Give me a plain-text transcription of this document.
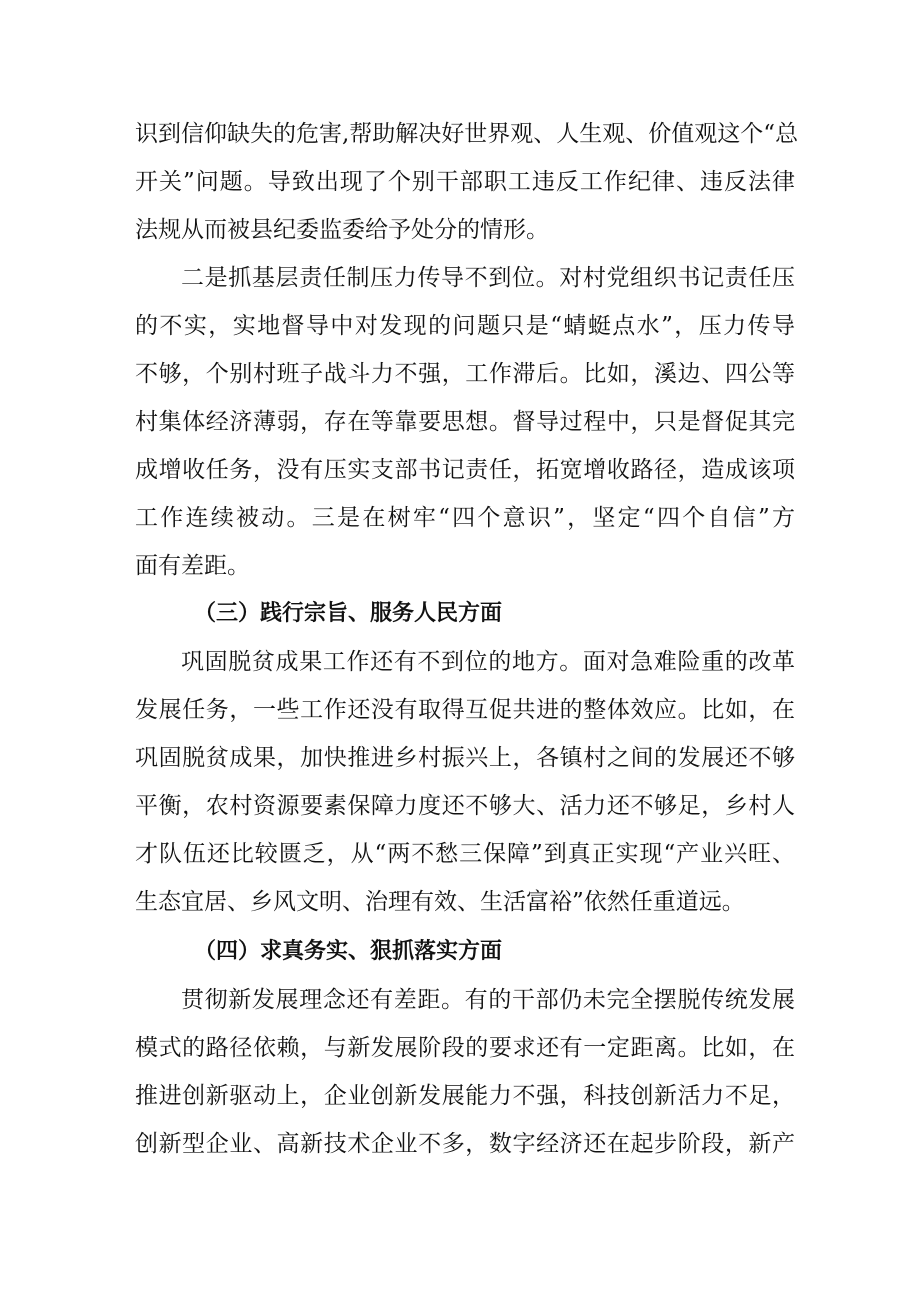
识到信仰缺失的危害,帮助解决好世界观、人生观、价值观这个“总
开关”问题。导致出现了个别干部职工违反工作纪律、违反法律
法规从而被县纪委监委给予处分的情形。
二是抓基层责任制压力传导不到位。对村党组织书记责任压
的不实，实地督导中对发现的问题只是“蜻蜓点水”，压力传导
不够，个别村班子战斗力不强，工作滞后。比如，溪边、四公等
村集体经济薄弱，存在等靠要思想。督导过程中，只是督促其完
成增收任务，没有压实支部书记责任，拓宽增收路径，造成该项
工作连续被动。三是在树牢“四个意识”，坚定“四个自信”方
面有差距。
（三）践行宗旨、服务人民方面
巩固脱贫成果工作还有不到位的地方。面对急难险重的改革
发展任务，一些工作还没有取得互促共进的整体效应。比如，在
巩固脱贫成果，加快推进乡村振兴上，各镇村之间的发展还不够
平衡，农村资源要素保障力度还不够大、活力还不够足，乡村人
才队伍还比较匮乏，从“两不愁三保障”到真正实现“产业兴旺、
生态宜居、乡风文明、治理有效、生活富裕”依然任重道远。
（四）求真务实、狠抓落实方面
贯彻新发展理念还有差距。有的干部仍未完全摆脱传统发展
模式的路径依赖，与新发展阶段的要求还有一定距离。比如，在
推进创新驱动上，企业创新发展能力不强，科技创新活力不足，
创新型企业、高新技术企业不多，数字经济还在起步阶段，新产
